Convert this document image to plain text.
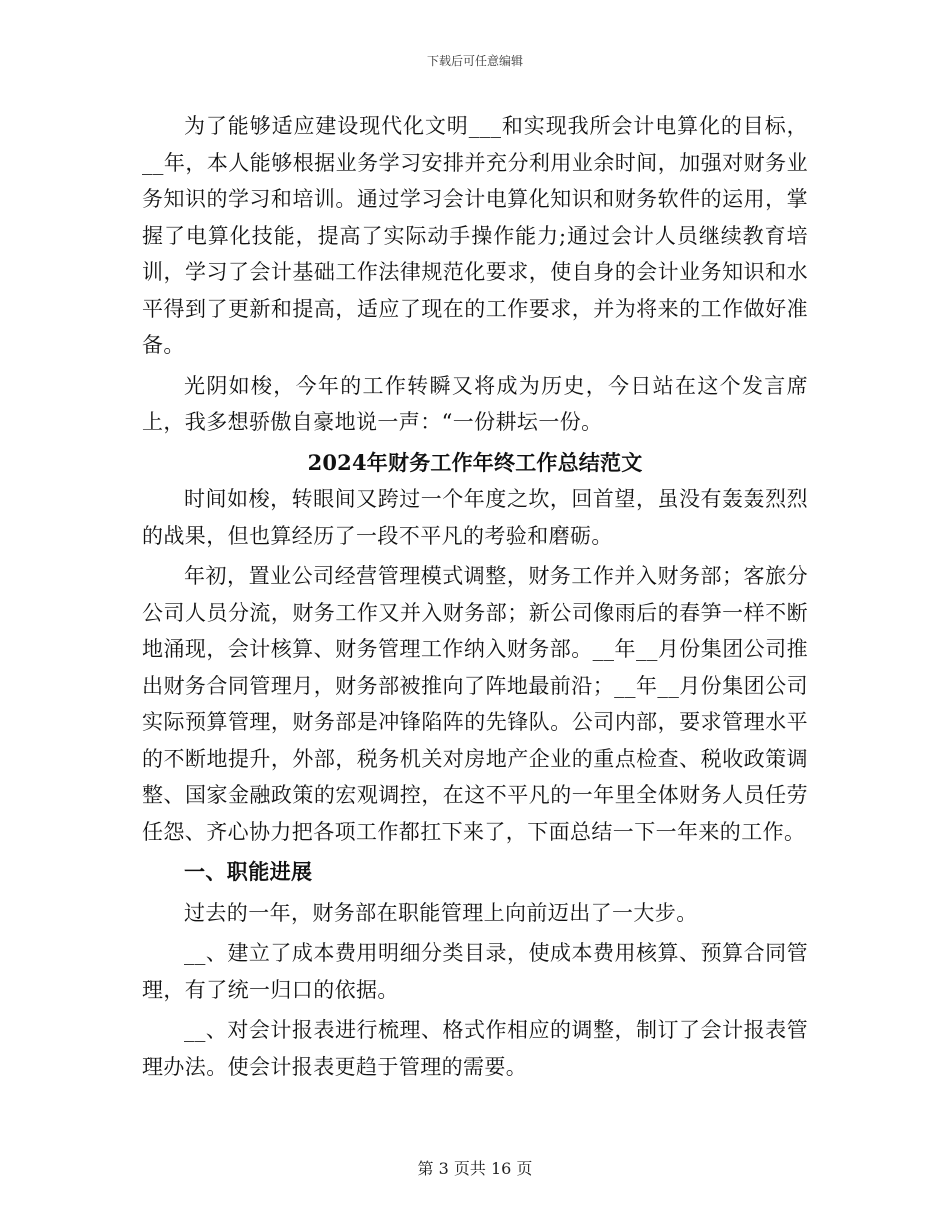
下载后可任意编辑

为了能够适应建设现代化文明___和实现我所会计电算化的目标，__年，本人能够根据业务学习安排并充分利用业余时间，加强对财务业务知识的学习和培训。通过学习会计电算化知识和财务软件的运用，掌握了电算化技能，提高了实际动手操作能力;通过会计人员继续教育培训，学习了会计基础工作法律规范化要求，使自身的会计业务知识和水平得到了更新和提高，适应了现在的工作要求，并为将来的工作做好准备。

光阴如梭，今年的工作转瞬又将成为历史，今日站在这个发言席上，我多想骄傲自豪地说一声：“一份耕坛一份。

2024年财务工作年终工作总结范文

时间如梭，转眼间又跨过一个年度之坎，回首望，虽没有轰轰烈烈的战果，但也算经历了一段不平凡的考验和磨砺。

年初，置业公司经营管理模式调整，财务工作并入财务部；客旅分公司人员分流，财务工作又并入财务部；新公司像雨后的春笋一样不断地涌现，会计核算、财务管理工作纳入财务部。__年__月份集团公司推出财务合同管理月，财务部被推向了阵地最前沿；__年__月份集团公司实际预算管理，财务部是冲锋陷阵的先锋队。公司内部，要求管理水平的不断地提升，外部，税务机关对房地产企业的重点检查、税收政策调整、国家金融政策的宏观调控，在这不平凡的一年里全体财务人员任劳任怨、齐心协力把各项工作都扛下来了，下面总结一下一年来的工作。

一、职能进展

过去的一年，财务部在职能管理上向前迈出了一大步。

__、建立了成本费用明细分类目录，使成本费用核算、预算合同管理，有了统一归口的依据。

__、对会计报表进行梳理、格式作相应的调整，制订了会计报表管理办法。使会计报表更趋于管理的需要。

第 3 页共 16 页
